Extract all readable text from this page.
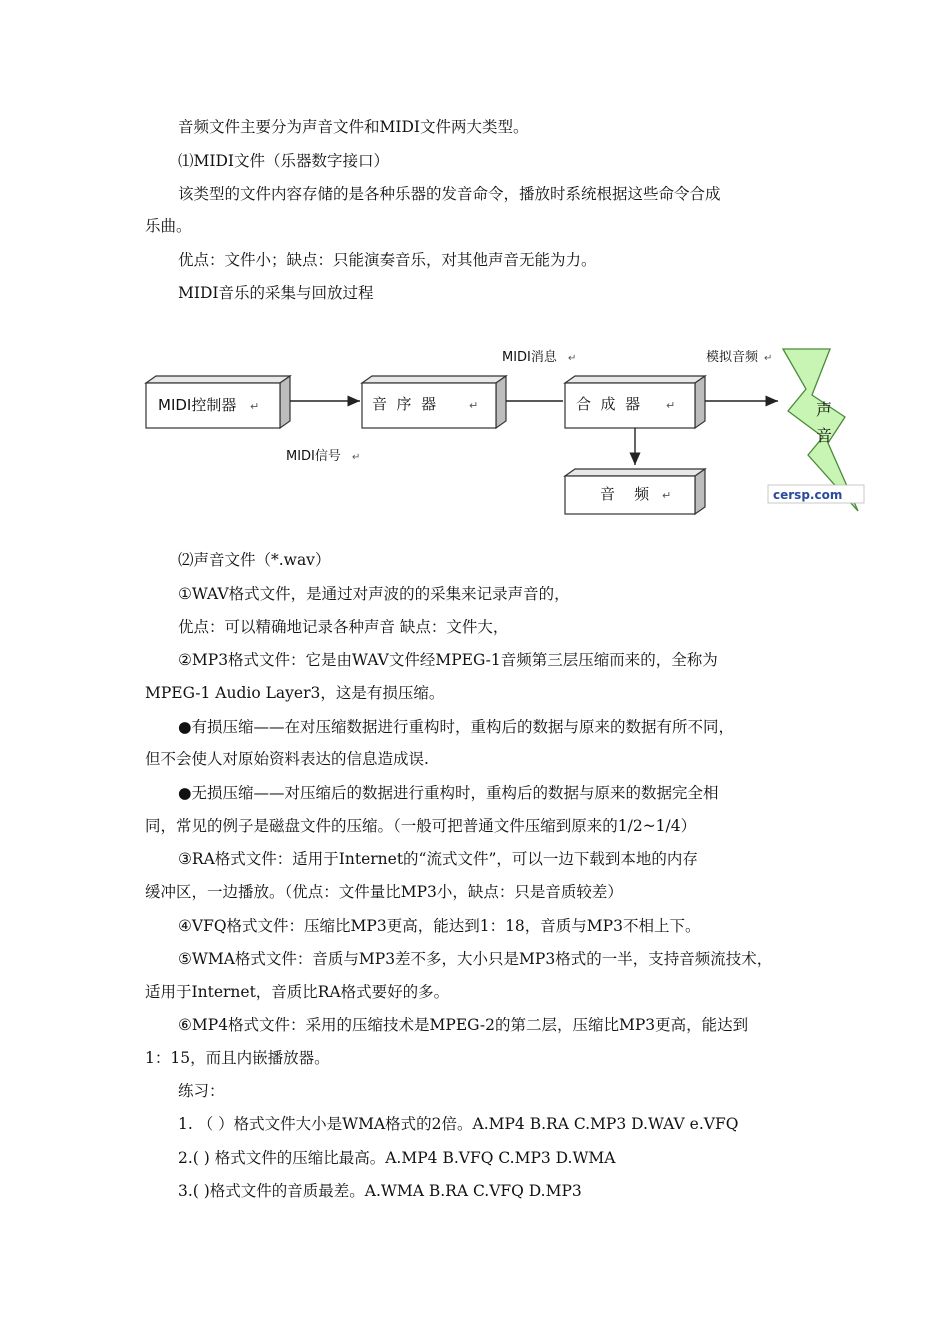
音频文件主要分为声音文件和MIDI文件两大类型。
⑴MIDI文件（乐器数字接口）
该类型的文件内容存储的是各种乐器的发音命令，播放时系统根据这些命令合成
乐曲。
优点：文件小；缺点：只能演奏音乐，对其他声音无能为力。
MIDI音乐的采集与回放过程
MIDI控制器 ↵	音  序  器	↵	合  成  器 ↵
音    频 ↵
MIDI消息 ↵	模拟音频 ↵
MIDI信号 ↵
声
音
cersp.com
⑵声音文件（*.wav）
①WAV格式文件，是通过对声波的的采集来记录声音的，
优点：可以精确地记录各种声音 缺点：文件大，
②MP3格式文件：它是由WAV文件经MPEG-1音频第三层压缩而来的，全称为
MPEG-1 Audio Layer3，这是有损压缩。
●有损压缩——在对压缩数据进行重构时，重构后的数据与原来的数据有所不同，
但不会使人对原始资料表达的信息造成误.
●无损压缩——对压缩后的数据进行重构时，重构后的数据与原来的数据完全相
同，常见的例子是磁盘文件的压缩。（一般可把普通文件压缩到原来的1/2~1/4）
③RA格式文件：适用于Internet的“流式文件”，可以一边下载到本地的内存
缓冲区，一边播放。（优点：文件量比MP3小，缺点：只是音质较差）
④VFQ格式文件：压缩比MP3更高，能达到1：18，音质与MP3不相上下。
⑤WMA格式文件：音质与MP3差不多，大小只是MP3格式的一半，支持音频流技术，
适用于Internet，音质比RA格式要好的多。
⑥MP4格式文件：采用的压缩技术是MPEG-2的第二层，压缩比MP3更高，能达到
1：15，而且内嵌播放器。
练习：
1. （ ）格式文件大小是WMA格式的2倍。A.MP4 B.RA C.MP3 D.WAV e.VFQ
2.( ) 格式文件的压缩比最高。A.MP4 B.VFQ C.MP3 D.WMA
3.( )格式文件的音质最差。A.WMA B.RA C.VFQ D.MP3
